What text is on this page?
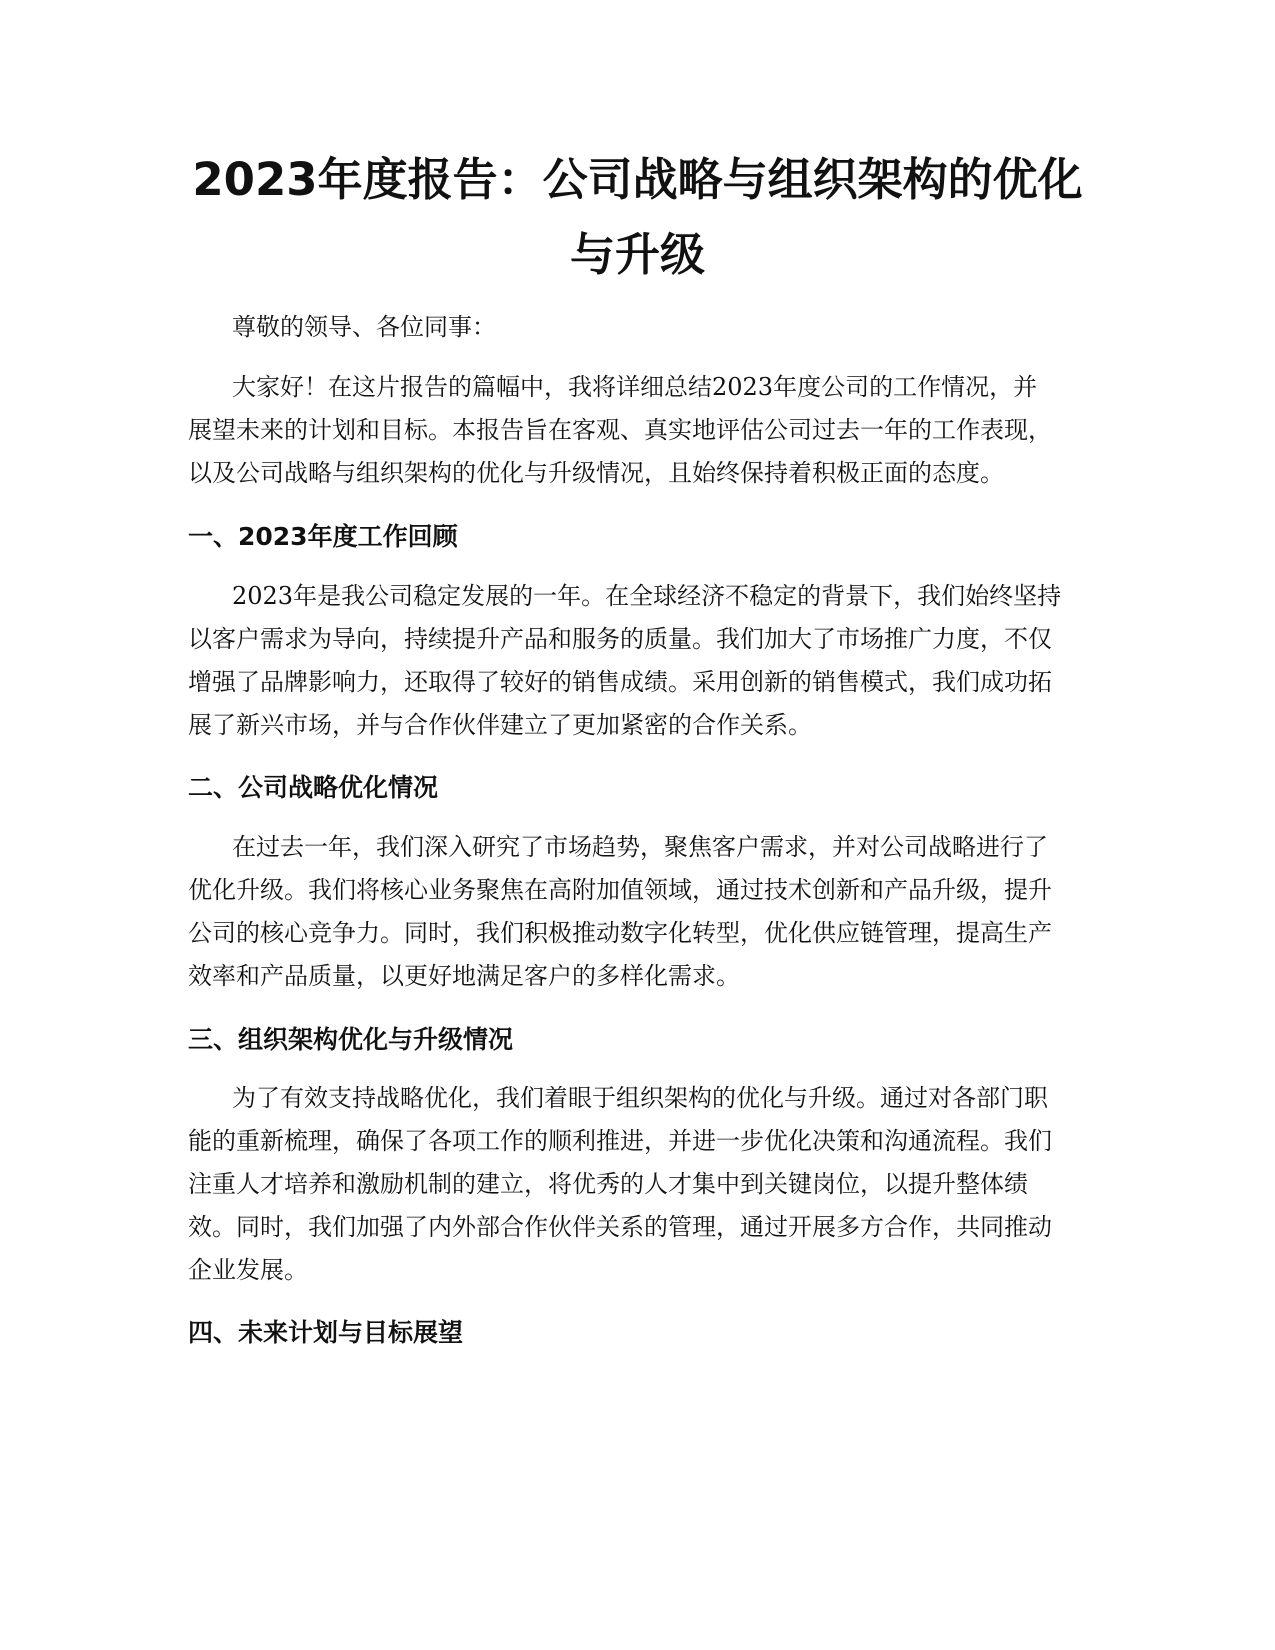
2023年度报告：公司战略与组织架构的优化
与升级

尊敬的领导、各位同事：

大家好！在这片报告的篇幅中，我将详细总结2023年度公司的工作情况，并
展望未来的计划和目标。本报告旨在客观、真实地评估公司过去一年的工作表现，
以及公司战略与组织架构的优化与升级情况，且始终保持着积极正面的态度。

一、2023年度工作回顾

2023年是我公司稳定发展的一年。在全球经济不稳定的背景下，我们始终坚持
以客户需求为导向，持续提升产品和服务的质量。我们加大了市场推广力度，不仅
增强了品牌影响力，还取得了较好的销售成绩。采用创新的销售模式，我们成功拓
展了新兴市场，并与合作伙伴建立了更加紧密的合作关系。

二、公司战略优化情况

在过去一年，我们深入研究了市场趋势，聚焦客户需求，并对公司战略进行了
优化升级。我们将核心业务聚焦在高附加值领域，通过技术创新和产品升级，提升
公司的核心竞争力。同时，我们积极推动数字化转型，优化供应链管理，提高生产
效率和产品质量，以更好地满足客户的多样化需求。

三、组织架构优化与升级情况

为了有效支持战略优化，我们着眼于组织架构的优化与升级。通过对各部门职
能的重新梳理，确保了各项工作的顺利推进，并进一步优化决策和沟通流程。我们
注重人才培养和激励机制的建立，将优秀的人才集中到关键岗位，以提升整体绩
效。同时，我们加强了内外部合作伙伴关系的管理，通过开展多方合作，共同推动
企业发展。

四、未来计划与目标展望
